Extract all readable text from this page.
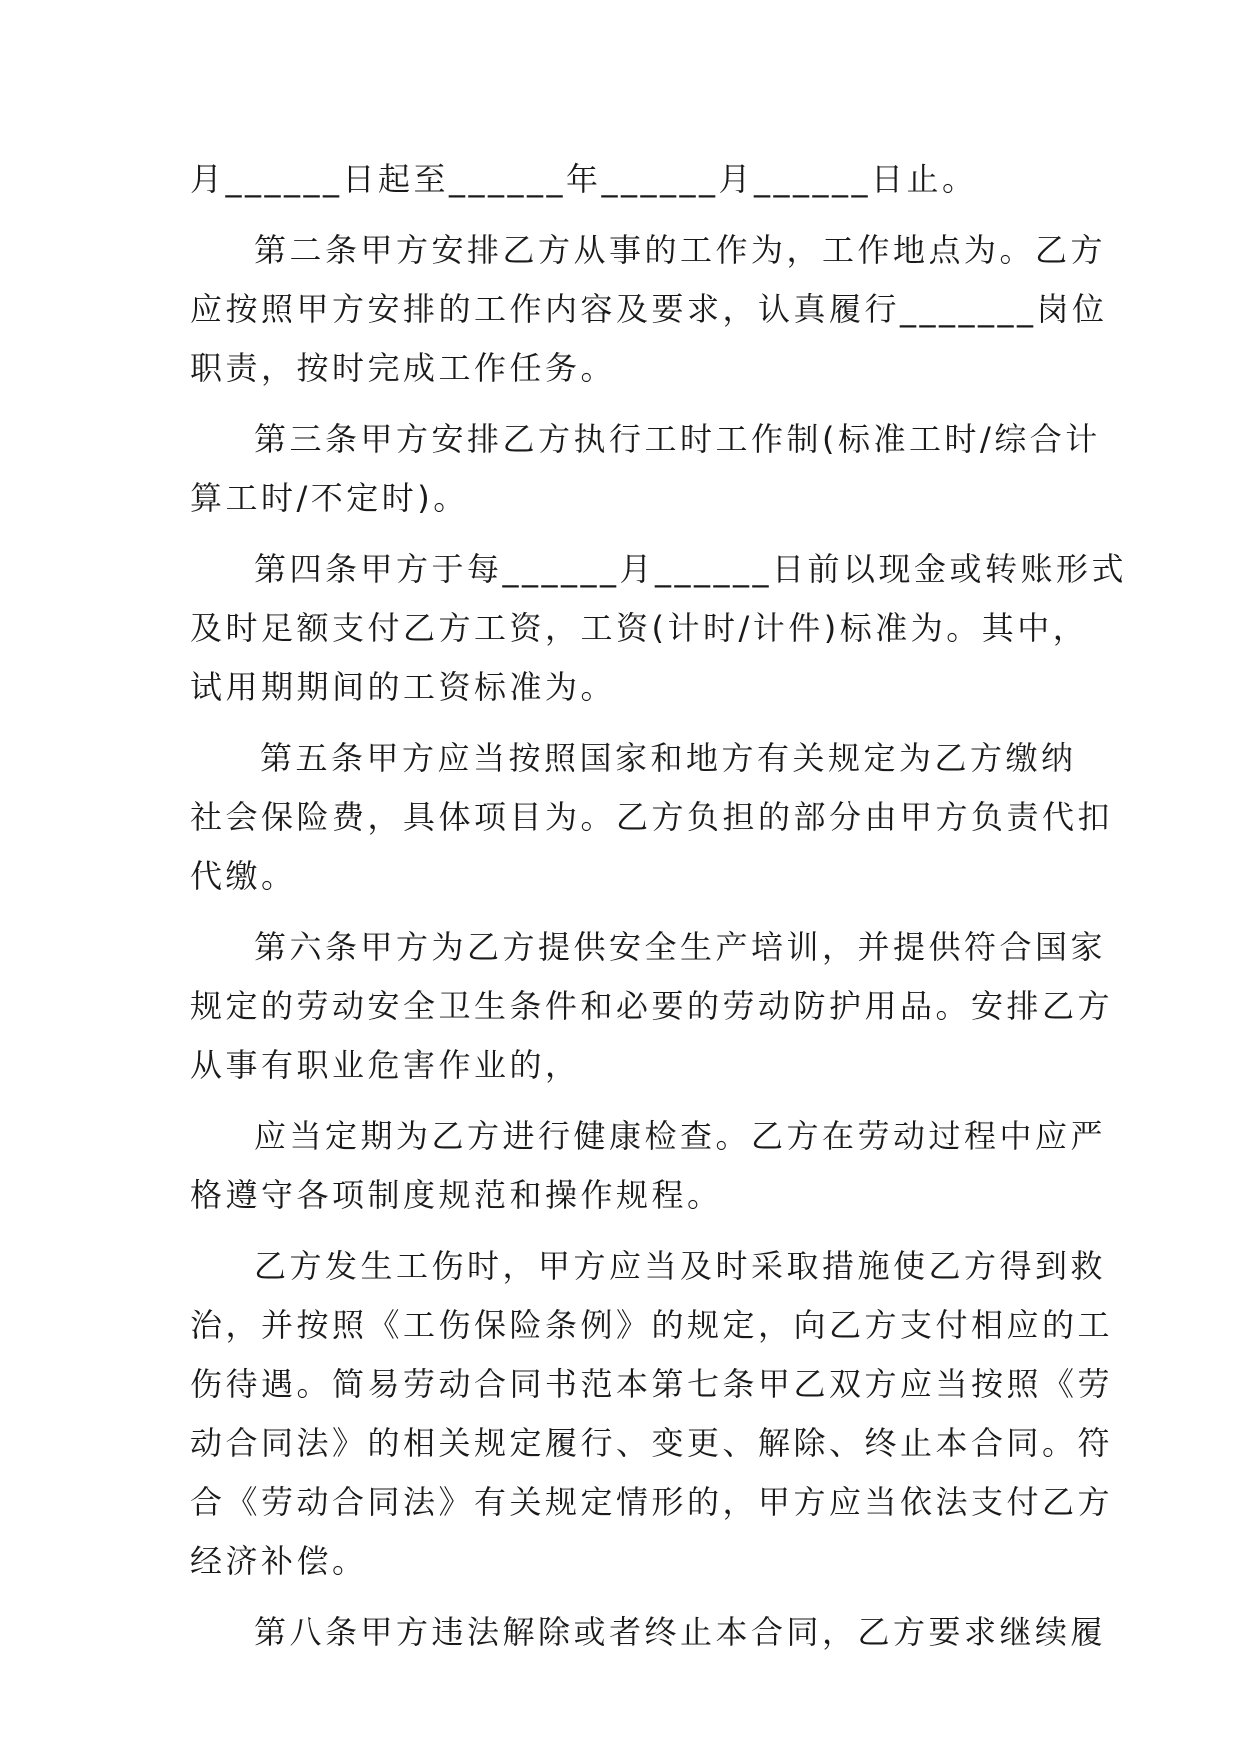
月______日起至______年______月______日止。
第二条甲方安排乙方从事的工作为，工作地点为。乙方
应按照甲方安排的工作内容及要求，认真履行_______岗位
职责，按时完成工作任务。
第三条甲方安排乙方执行工时工作制(标准工时/综合计
算工时/不定时)。
第四条甲方于每______月______日前以现金或转账形式
及时足额支付乙方工资，工资(计时/计件)标准为。其中，
试用期期间的工资标准为。
第五条甲方应当按照国家和地方有关规定为乙方缴纳
社会保险费，具体项目为。乙方负担的部分由甲方负责代扣
代缴。
第六条甲方为乙方提供安全生产培训，并提供符合国家
规定的劳动安全卫生条件和必要的劳动防护用品。安排乙方
从事有职业危害作业的，
应当定期为乙方进行健康检查。乙方在劳动过程中应严
格遵守各项制度规范和操作规程。
乙方发生工伤时，甲方应当及时采取措施使乙方得到救
治，并按照《工伤保险条例》的规定，向乙方支付相应的工
伤待遇。简易劳动合同书范本第七条甲乙双方应当按照《劳
动合同法》的相关规定履行、变更、解除、终止本合同。符
合《劳动合同法》有关规定情形的，甲方应当依法支付乙方
经济补偿。
第八条甲方违法解除或者终止本合同，乙方要求继续履
